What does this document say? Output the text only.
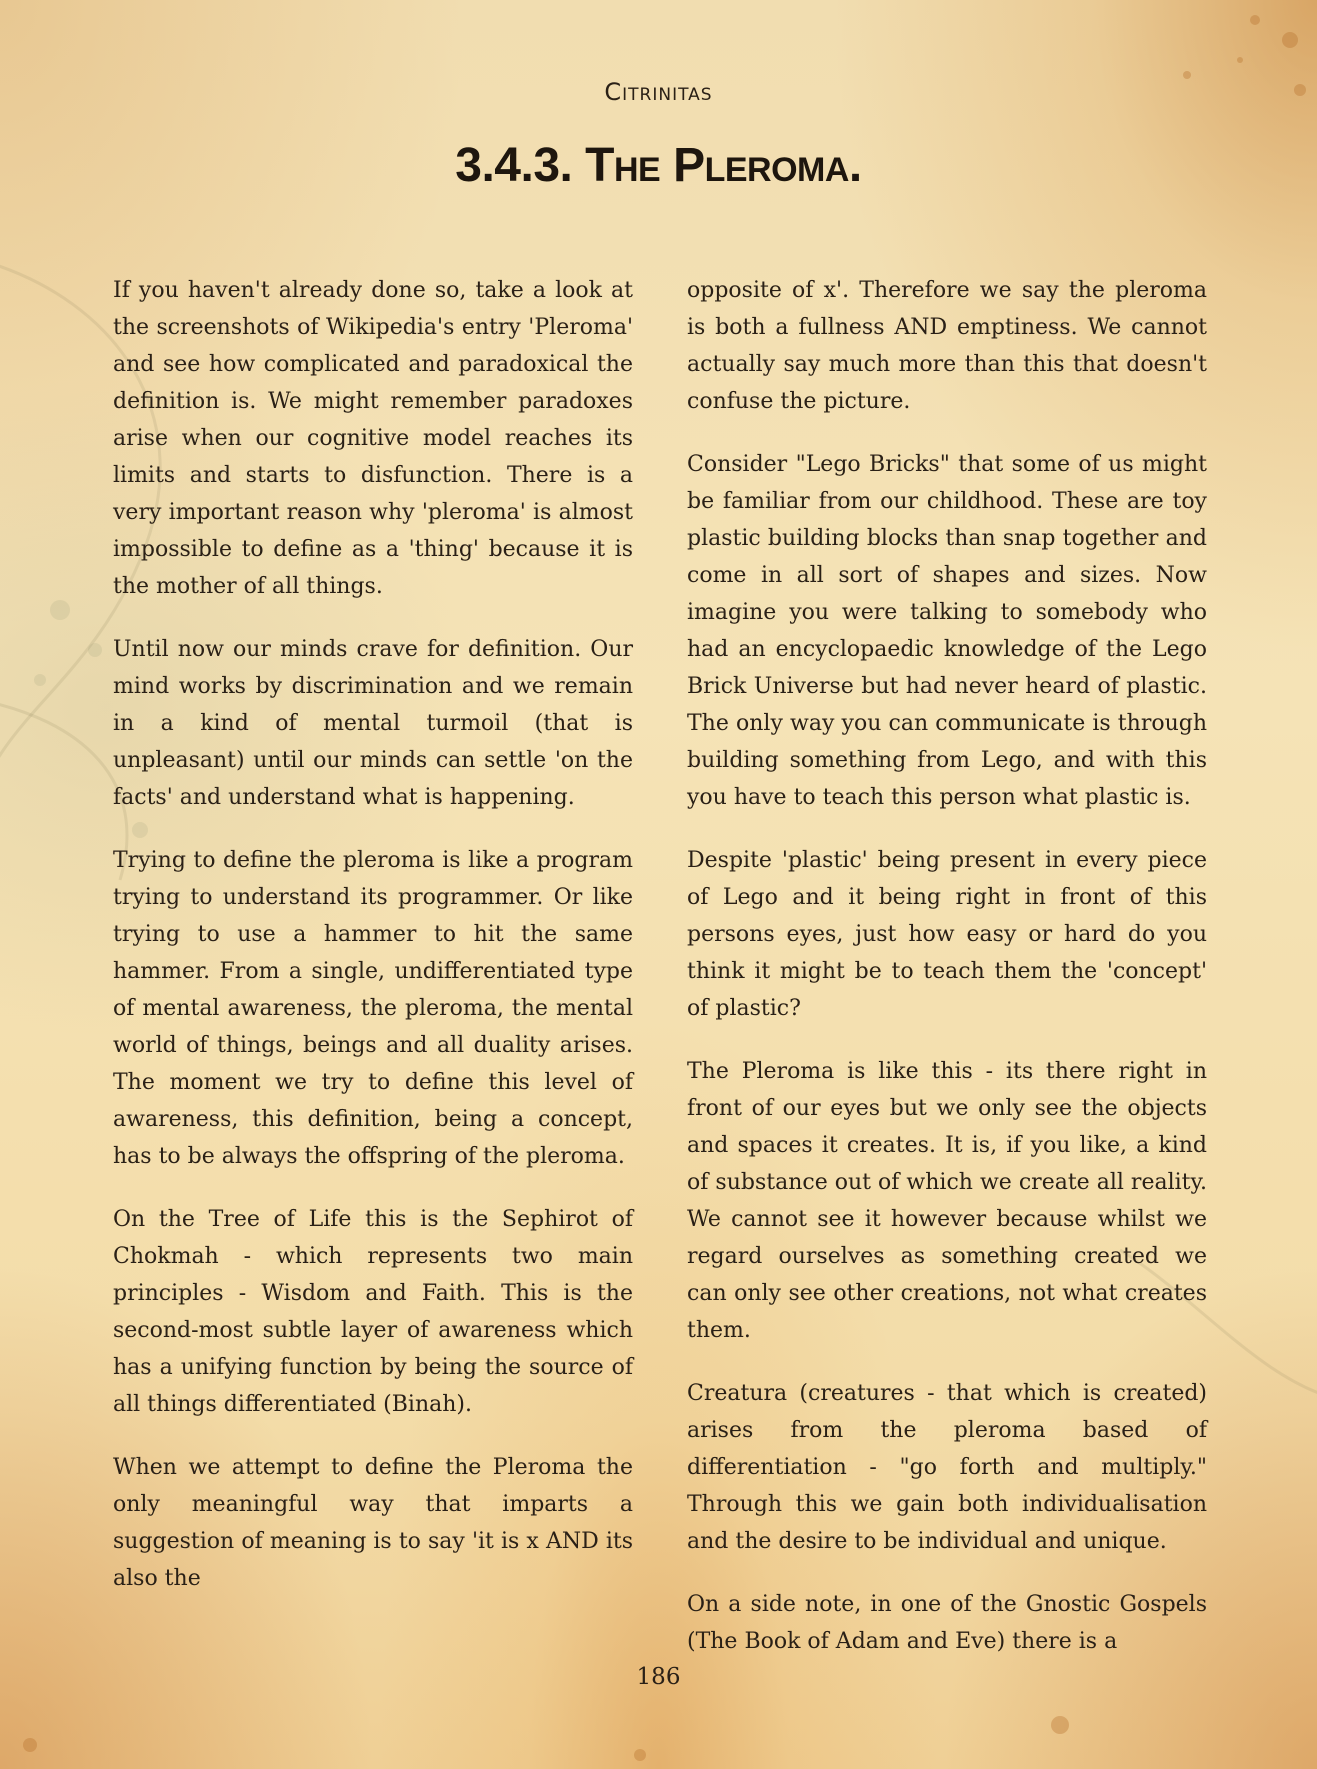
Citrinitas
3.4.3. The Pleroma.

If you haven't already done so, take a look at the screenshots of Wikipedia's entry 'Pleroma' and see how complicated and paradoxical the definition is. We might remember paradoxes arise when our cognitive model reaches its limits and starts to disfunction. There is a very important reason why 'pleroma' is almost impossible to define as a 'thing' because it is the mother of all things.

Until now our minds crave for definition. Our mind works by discrimination and we remain in a kind of mental turmoil (that is unpleasant) until our minds can settle 'on the facts' and understand what is happening.

Trying to define the pleroma is like a program trying to understand its programmer. Or like trying to use a hammer to hit the same hammer. From a single, undifferentiated type of mental awareness, the pleroma, the mental world of things, beings and all duality arises. The moment we try to define this level of awareness, this definition, being a concept, has to be always the offspring of the pleroma.

On the Tree of Life this is the Sephirot of Chokmah - which represents two main principles - Wisdom and Faith. This is the second-most subtle layer of awareness which has a unifying function by being the source of all things differentiated (Binah).

When we attempt to define the Pleroma the only meaningful way that imparts a suggestion of meaning is to say 'it is x AND its also the

opposite of x'. Therefore we say the pleroma is both a fullness AND emptiness. We cannot actually say much more than this that doesn't confuse the picture.

Consider "Lego Bricks" that some of us might be familiar from our childhood. These are toy plastic building blocks than snap together and come in all sort of shapes and sizes. Now imagine you were talking to somebody who had an encyclopaedic knowledge of the Lego Brick Universe but had never heard of plastic. The only way you can communicate is through building something from Lego, and with this you have to teach this person what plastic is.

Despite 'plastic' being present in every piece of Lego and it being right in front of this persons eyes, just how easy or hard do you think it might be to teach them the 'concept' of plastic?

The Pleroma is like this - its there right in front of our eyes but we only see the objects and spaces it creates. It is, if you like, a kind of substance out of which we create all reality. We cannot see it however because whilst we regard ourselves as something created we can only see other creations, not what creates them.

Creatura (creatures - that which is created) arises from the pleroma based of differentiation - "go forth and multiply." Through this we gain both individualisation and the desire to be individual and unique.

On a side note, in one of the Gnostic Gospels (The Book of Adam and Eve) there is a

186
